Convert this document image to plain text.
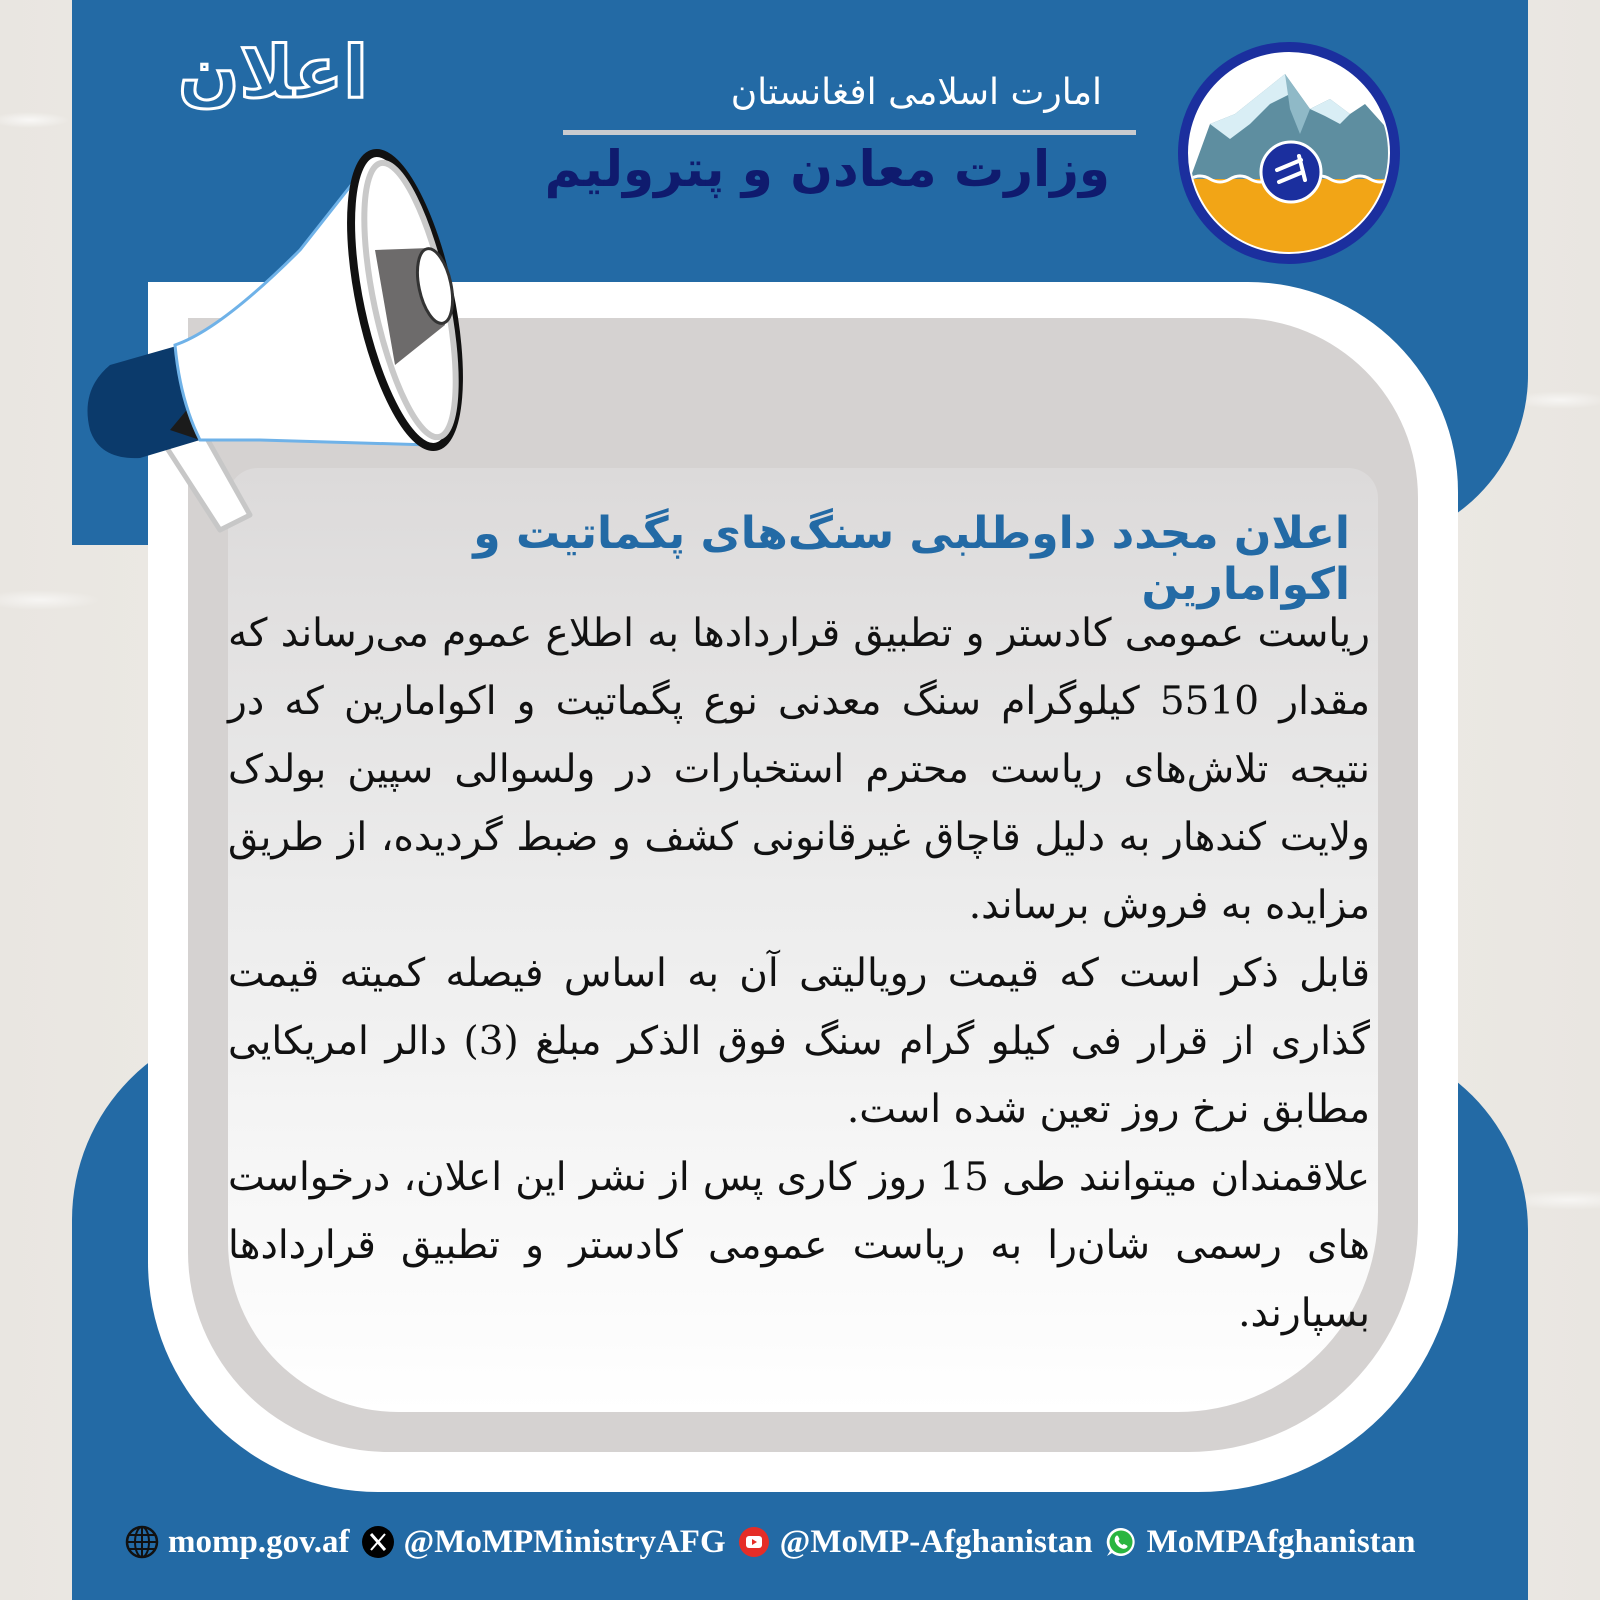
اعلان	امارت اسلامی افغانستان
وزارت معادن و پترولیم
اعلان مجدد داوطلبی سنگ‌های پگماتیت و اکوامارین

ریاست عمومی کادستر و تطبیق قراردادها به اطلاع عموم می‌رساند که مقدار 5510 کیلوگرام سنگ معدنی نوع پگماتیت و اکوامارین که در نتیجه تلاش‌های ریاست محترم استخبارات در ولسوالی سپین بولدک ولایت کندهار به دلیل قاچاق غیرقانونی کشف و ضبط گردیده، از طریق مزایده به فروش برساند.

قابل ذکر است که قیمت رویالیتی آن به اساس فیصله کمیته قیمت گذاری از قرار فی کیلو گرام سنگ فوق الذکر مبلغ (3) دالر امریکایی مطابق نرخ روز تعین شده است.

علاقمندان میتوانند طی 15 روز کاری پس از نشر این اعلان، درخواست های رسمی شان‌را به ریاست عمومی کادستر و تطبیق قراردادها بسپارند.

momp.gov.af @MoMPMinistryAFG @MoMP-Afghanistan MoMPAfghanistan
